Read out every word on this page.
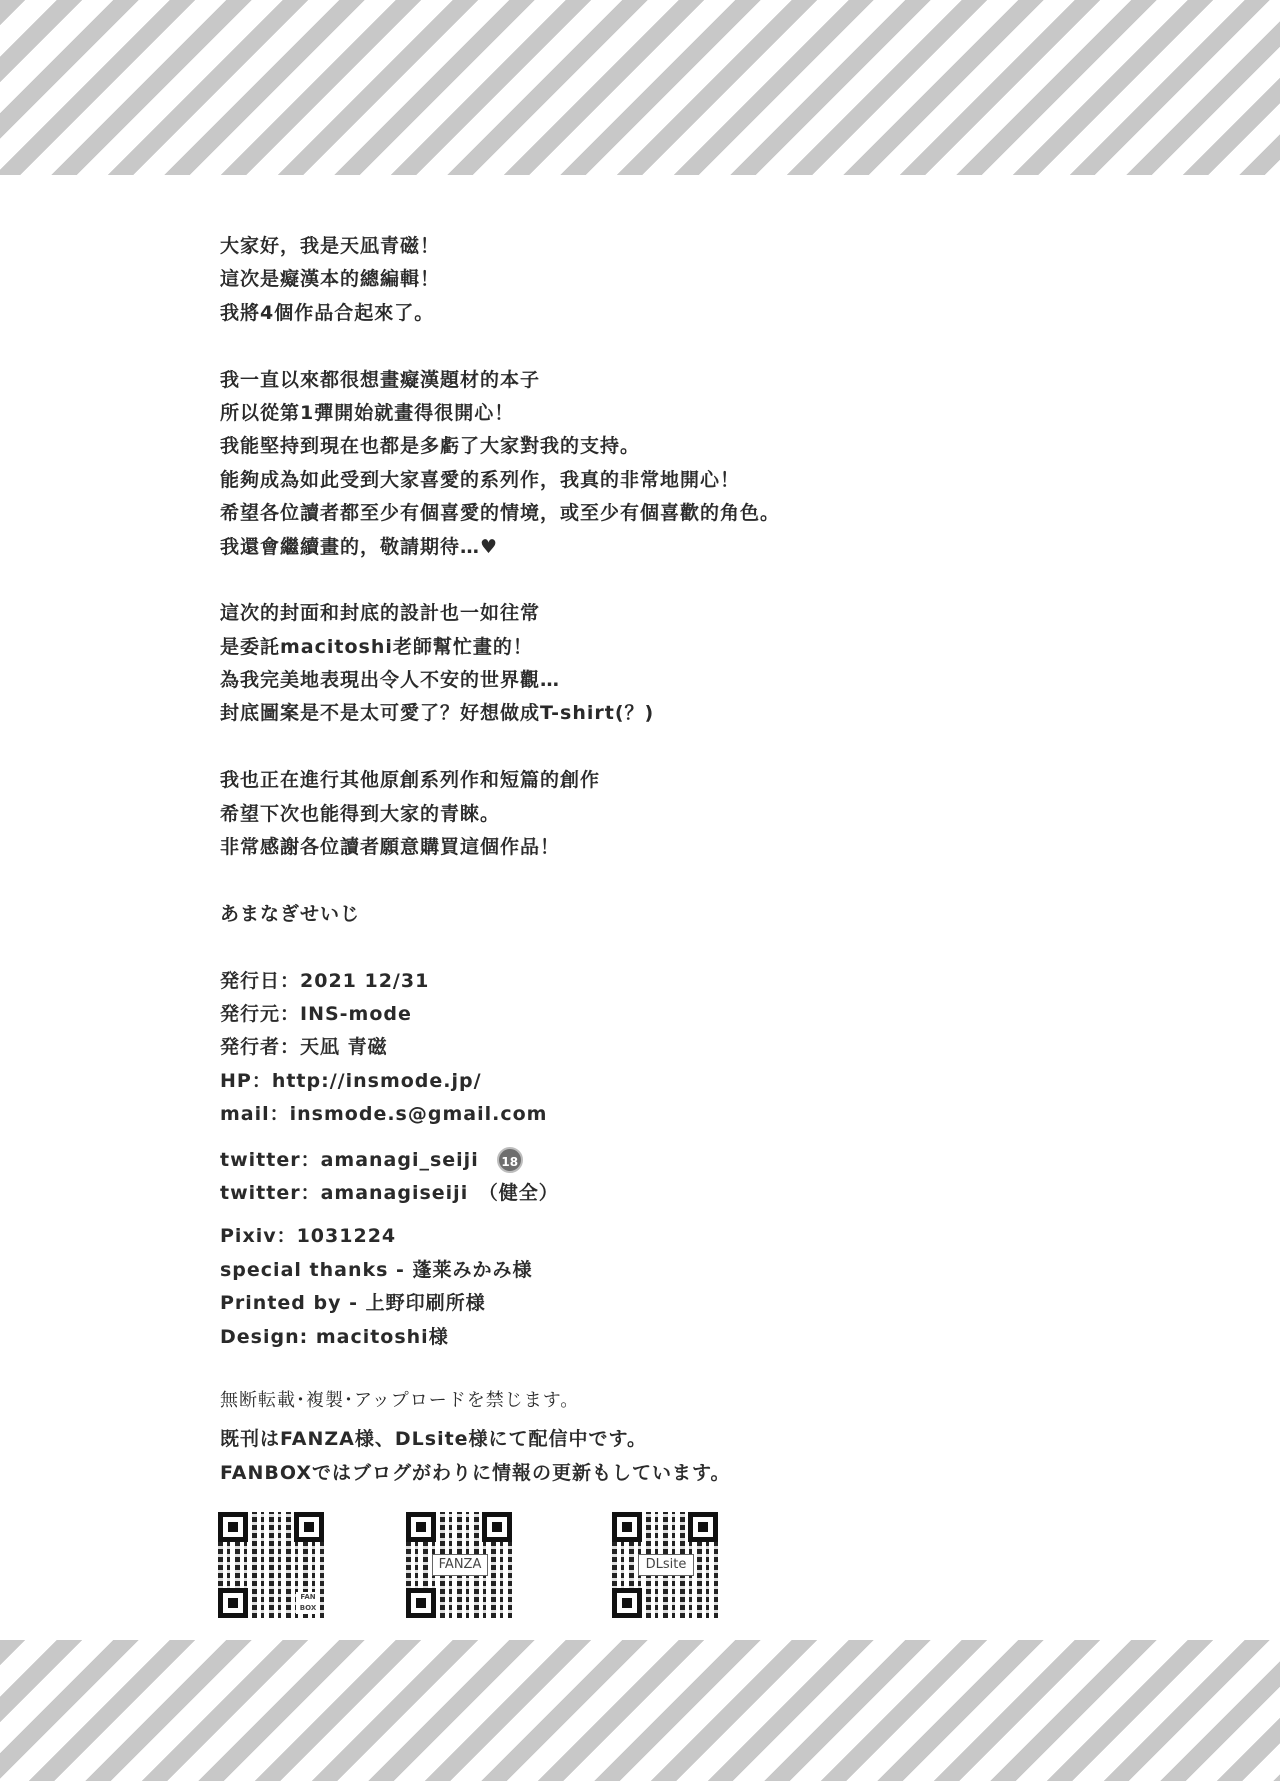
大家好，我是天凪青磁！
這次是癡漢本的總編輯！
我將4個作品合起來了。
我一直以來都很想畫癡漢題材的本子
所以從第1彈開始就畫得很開心！
我能堅持到現在也都是多虧了大家對我的支持。
能夠成為如此受到大家喜愛的系列作，我真的非常地開心！
希望各位讀者都至少有個喜愛的情境，或至少有個喜歡的角色。
我還會繼續畫的，敬請期待…♥
這次的封面和封底的設計也一如往常
是委託macitoshi老師幫忙畫的！
為我完美地表現出令人不安的世界觀…
封底圖案是不是太可愛了？好想做成T-shirt(？)
我也正在進行其他原創系列作和短篇的創作
希望下次也能得到大家的青睞。
非常感謝各位讀者願意購買這個作品！
あまなぎせいじ
発行日：2021 12/31
発行元：INS-mode
発行者：天凪 青磁
HP：http://insmode.jp/
mail：insmode.s@gmail.com
twitter：amanagi_seiji 18
twitter：amanagiseiji　（健全）
Pixiv：1031224
special thanks - 蓬莱みかみ様
Printed by - 上野印刷所様
Design: macitoshi様
無断転載･複製･アップロードを禁じます。
既刊はFANZA様、DLsite様にて配信中です。
FANBOXではブログがわりに情報の更新もしています。
FAN
BOX
FANZA	DLsite
